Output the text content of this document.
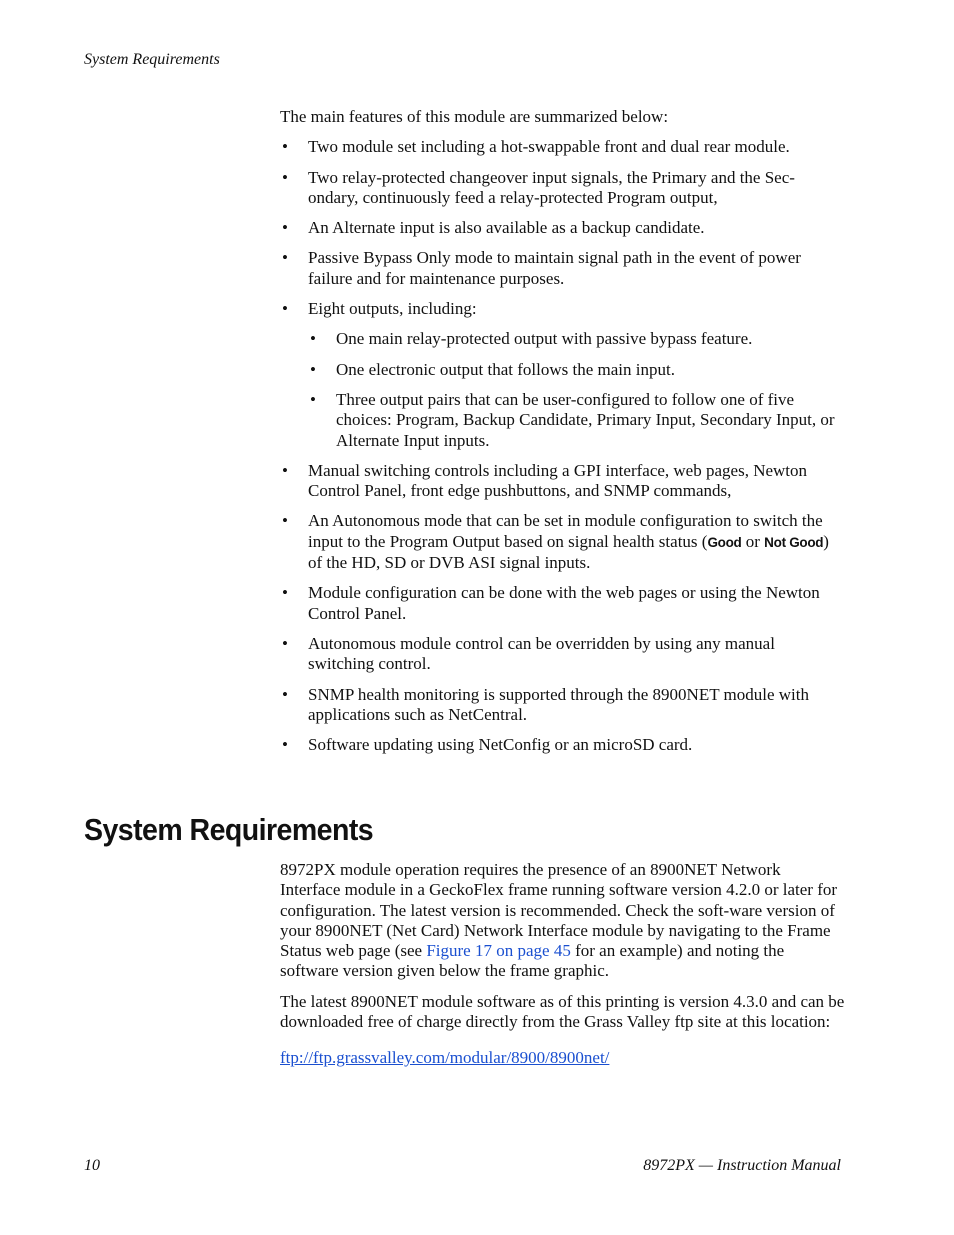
System Requirements

The main features of this module are summarized below:

• Two module set including a hot-swappable front and dual rear module.
• Two relay-protected changeover input signals, the Primary and the Sec-ondary, continuously feed a relay-protected Program output,
• An Alternate input is also available as a backup candidate.
• Passive Bypass Only mode to maintain signal path in the event of power failure and for maintenance purposes.
• Eight outputs, including:
• One main relay-protected output with passive bypass feature.
• One electronic output that follows the main input.
• Three output pairs that can be user-configured to follow one of five choices: Program, Backup Candidate, Primary Input, Secondary Input, or Alternate Input inputs.
• Manual switching controls including a GPI interface, web pages, Newton Control Panel, front edge pushbuttons, and SNMP commands,
• An Autonomous mode that can be set in module configuration to switch the input to the Program Output based on signal health status (Good or Not Good) of the HD, SD or DVB ASI signal inputs.
• Module configuration can be done with the web pages or using the Newton Control Panel.
• Autonomous module control can be overridden by using any manual switching control.
• SNMP health monitoring is supported through the 8900NET module with applications such as NetCentral.
• Software updating using NetConfig or an microSD card.
System Requirements

8972PX module operation requires the presence of an 8900NET Network Interface module in a GeckoFlex frame running software version 4.2.0 or later for configuration. The latest version is recommended. Check the soft-ware version of your 8900NET (Net Card) Network Interface module by navigating to the Frame Status web page (see Figure 17 on page 45 for an example) and noting the software version given below the frame graphic.

The latest 8900NET module software as of this printing is version 4.3.0 and can be downloaded free of charge directly from the Grass Valley ftp site at this location:

ftp://ftp.grassvalley.com/modular/8900/8900net/

10	8972PX — Instruction Manual
